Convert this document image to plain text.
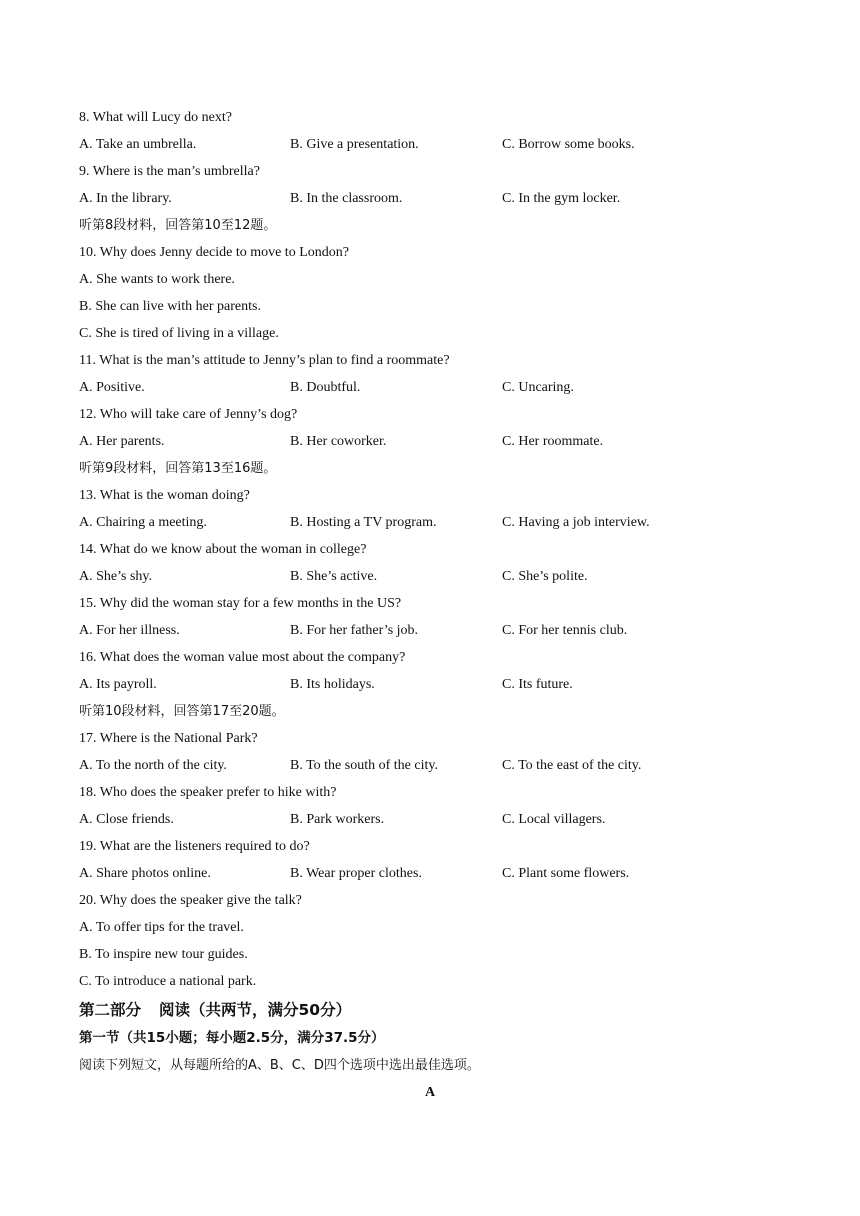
8. What will Lucy do next?
A. Take an umbrella.	B. Give a presentation.	C. Borrow some books.
9. Where is the man’s umbrella?
A. In the library.	B. In the classroom.	C. In the gym locker.
听第8段材料，回答第10至12题。
10. Why does Jenny decide to move to London?
A. She wants to work there.
B. She can live with her parents.
C. She is tired of living in a village.
11. What is the man’s attitude to Jenny’s plan to find a roommate?
A. Positive.	B. Doubtful.	C. Uncaring.
12. Who will take care of Jenny’s dog?
A. Her parents.	B. Her coworker.	C. Her roommate.
听第9段材料，回答第13至16题。
13. What is the woman doing?
A. Chairing a meeting.	B. Hosting a TV program.	C. Having a job interview.
14. What do we know about the woman in college?
A. She’s shy.	B. She’s active.	C. She’s polite.
15. Why did the woman stay for a few months in the US?
A. For her illness.	B. For her father’s job.	C. For her tennis club.
16. What does the woman value most about the company?
A. Its payroll.	B. Its holidays.	C. Its future.
听第10段材料，回答第17至20题。
17. Where is the National Park?
A. To the north of the city.	B. To the south of the city.	C. To the east of the city.
18. Who does the speaker prefer to hike with?
A. Close friends.	B. Park workers.	C. Local villagers.
19. What are the listeners required to do?
A. Share photos online.	B. Wear proper clothes.	C. Plant some flowers.
20. Why does the speaker give the talk?
A. To offer tips for the travel.
B. To inspire new tour guides.
C. To introduce a national park.
第二部分 阅读（共两节，满分50分）
第一节（共15小题；每小题2.5分，满分37.5分）
阅读下列短文，从每题所给的A、B、C、D四个选项中选出最佳选项。
A
